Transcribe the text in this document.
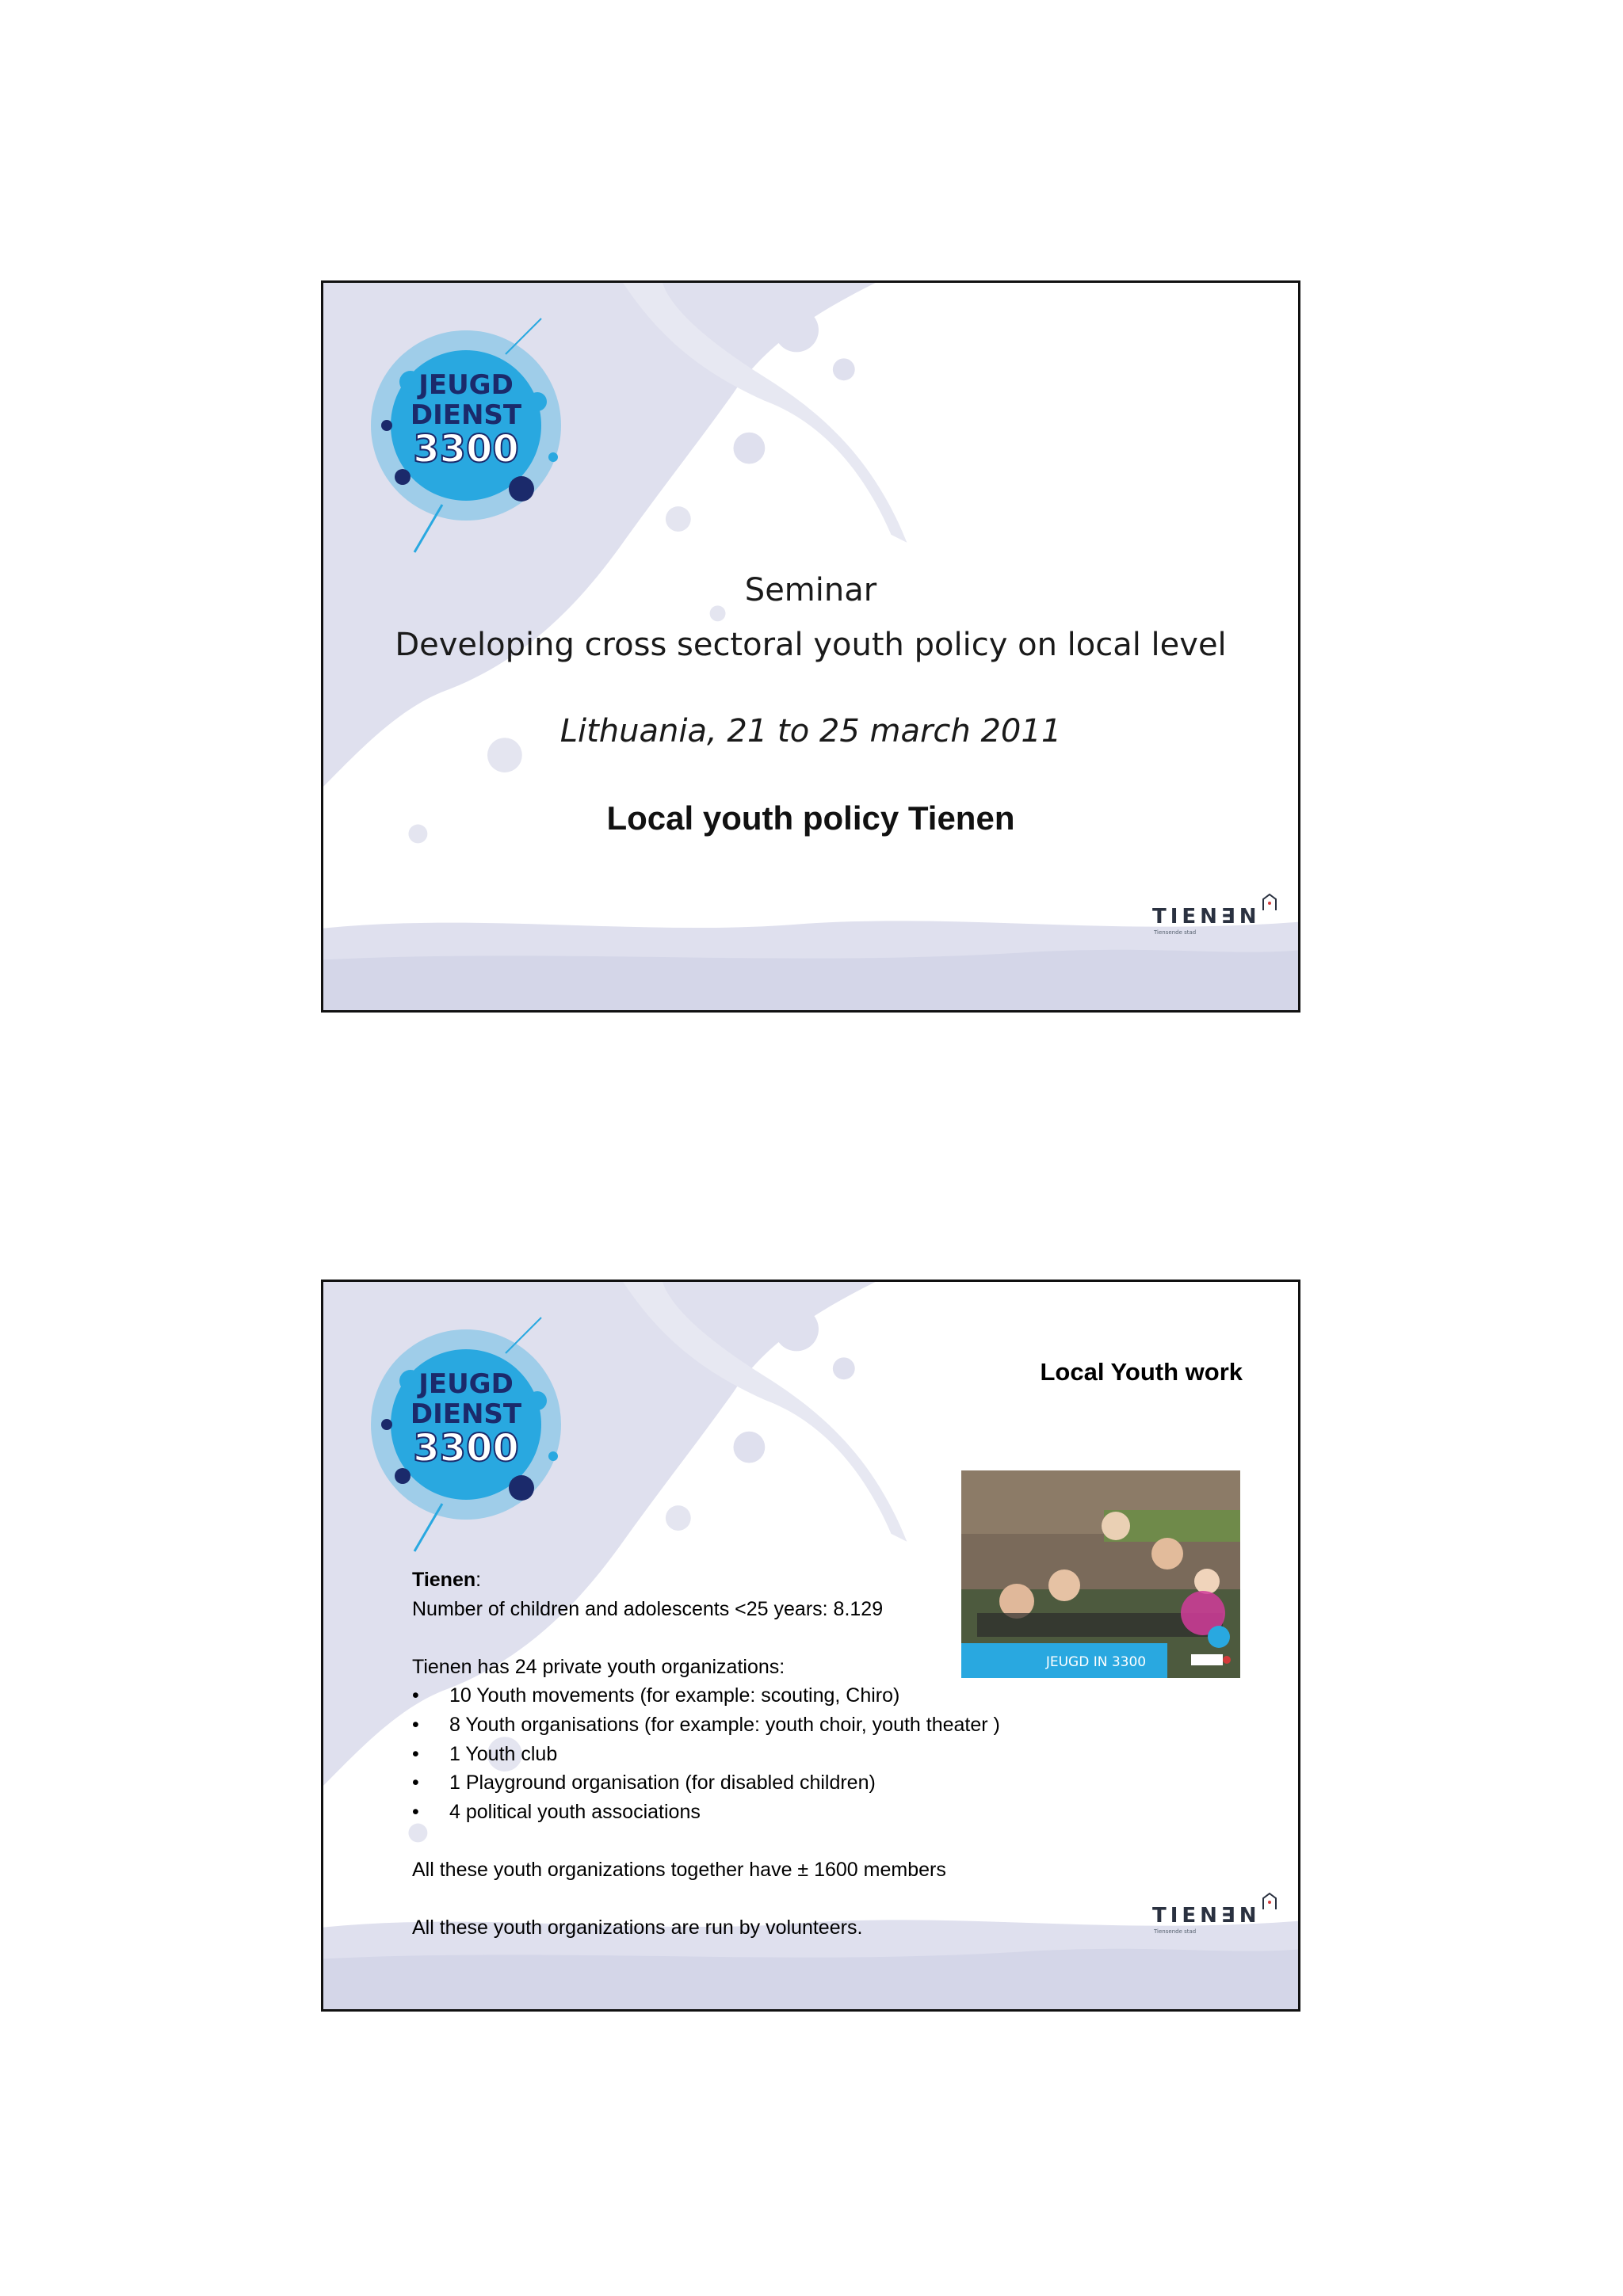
JEUGD
DIENST
3300
Seminar
Developing cross sectoral youth policy on local level
Lithuania, 21 to 25 march 2011
Local youth policy Tienen
TIEN∃N
Tiensende stad
JEUGD
DIENST
3300
Local Youth work
JEUGD IN 3300

Tienen:

Number of children and adolescents <25 years: 8.129

Tienen has 24 private youth organizations:

•	10 Youth movements (for example: scouting, Chiro)
•	8 Youth organisations (for example: youth choir, youth theater )
•	1 Youth club
•	1 Playground organisation (for disabled children)
•	4 political youth associations

All these youth organizations together have ± 1600 members

All these youth organizations are run by volunteers.

TIEN∃N
Tiensende stad
